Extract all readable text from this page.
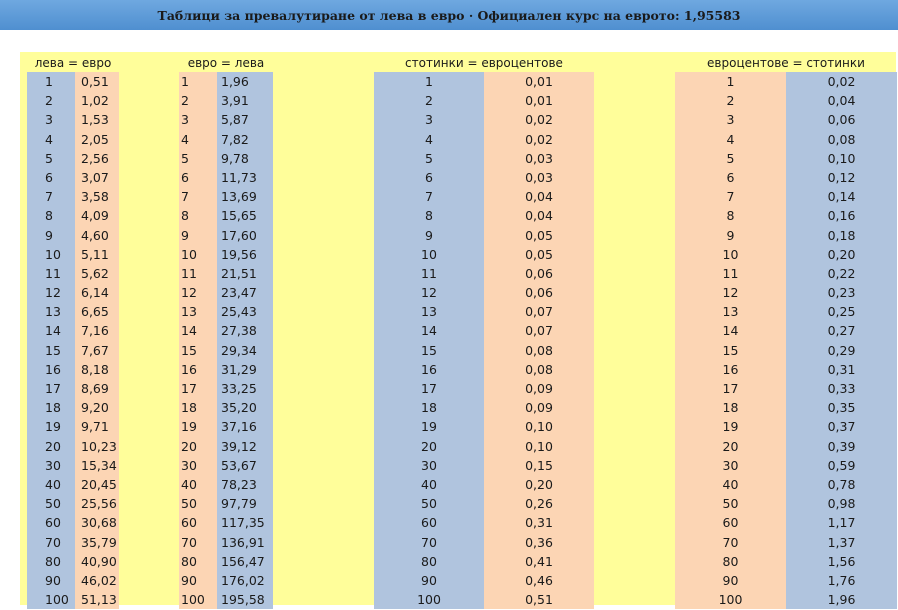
Таблици за превалутиране от лева в евро · Официален курс на еврото: 1,95583
лева = евро
1
2
3
4
5
6
7
8
9
10
11
12
13
14
15
16
17
18
19
20
30
40
50
60
70
80
90
100
0,51
1,02
1,53
2,05
2,56
3,07
3,58
4,09
4,60
5,11
5,62
6,14
6,65
7,16
7,67
8,18
8,69
9,20
9,71
10,23
15,34
20,45
25,56
30,68
35,79
40,90
46,02
51,13
евро = лева
1
2
3
4
5
6
7
8
9
10
11
12
13
14
15
16
17
18
19
20
30
40
50
60
70
80
90
100
1,96
3,91
5,87
7,82
9,78
11,73
13,69
15,65
17,60
19,56
21,51
23,47
25,43
27,38
29,34
31,29
33,25
35,20
37,16
39,12
53,67
78,23
97,79
117,35
136,91
156,47
176,02
195,58
стотинки = евроцентове
1
2
3
4
5
6
7
8
9
10
11
12
13
14
15
16
17
18
19
20
30
40
50
60
70
80
90
100
0,01
0,01
0,02
0,02
0,03
0,03
0,04
0,04
0,05
0,05
0,06
0,06
0,07
0,07
0,08
0,08
0,09
0,09
0,10
0,10
0,15
0,20
0,26
0,31
0,36
0,41
0,46
0,51
евроцентове = стотинки
1
2
3
4
5
6
7
8
9
10
11
12
13
14
15
16
17
18
19
20
30
40
50
60
70
80
90
100
0,02
0,04
0,06
0,08
0,10
0,12
0,14
0,16
0,18
0,20
0,22
0,23
0,25
0,27
0,29
0,31
0,33
0,35
0,37
0,39
0,59
0,78
0,98
1,17
1,37
1,56
1,76
1,96
